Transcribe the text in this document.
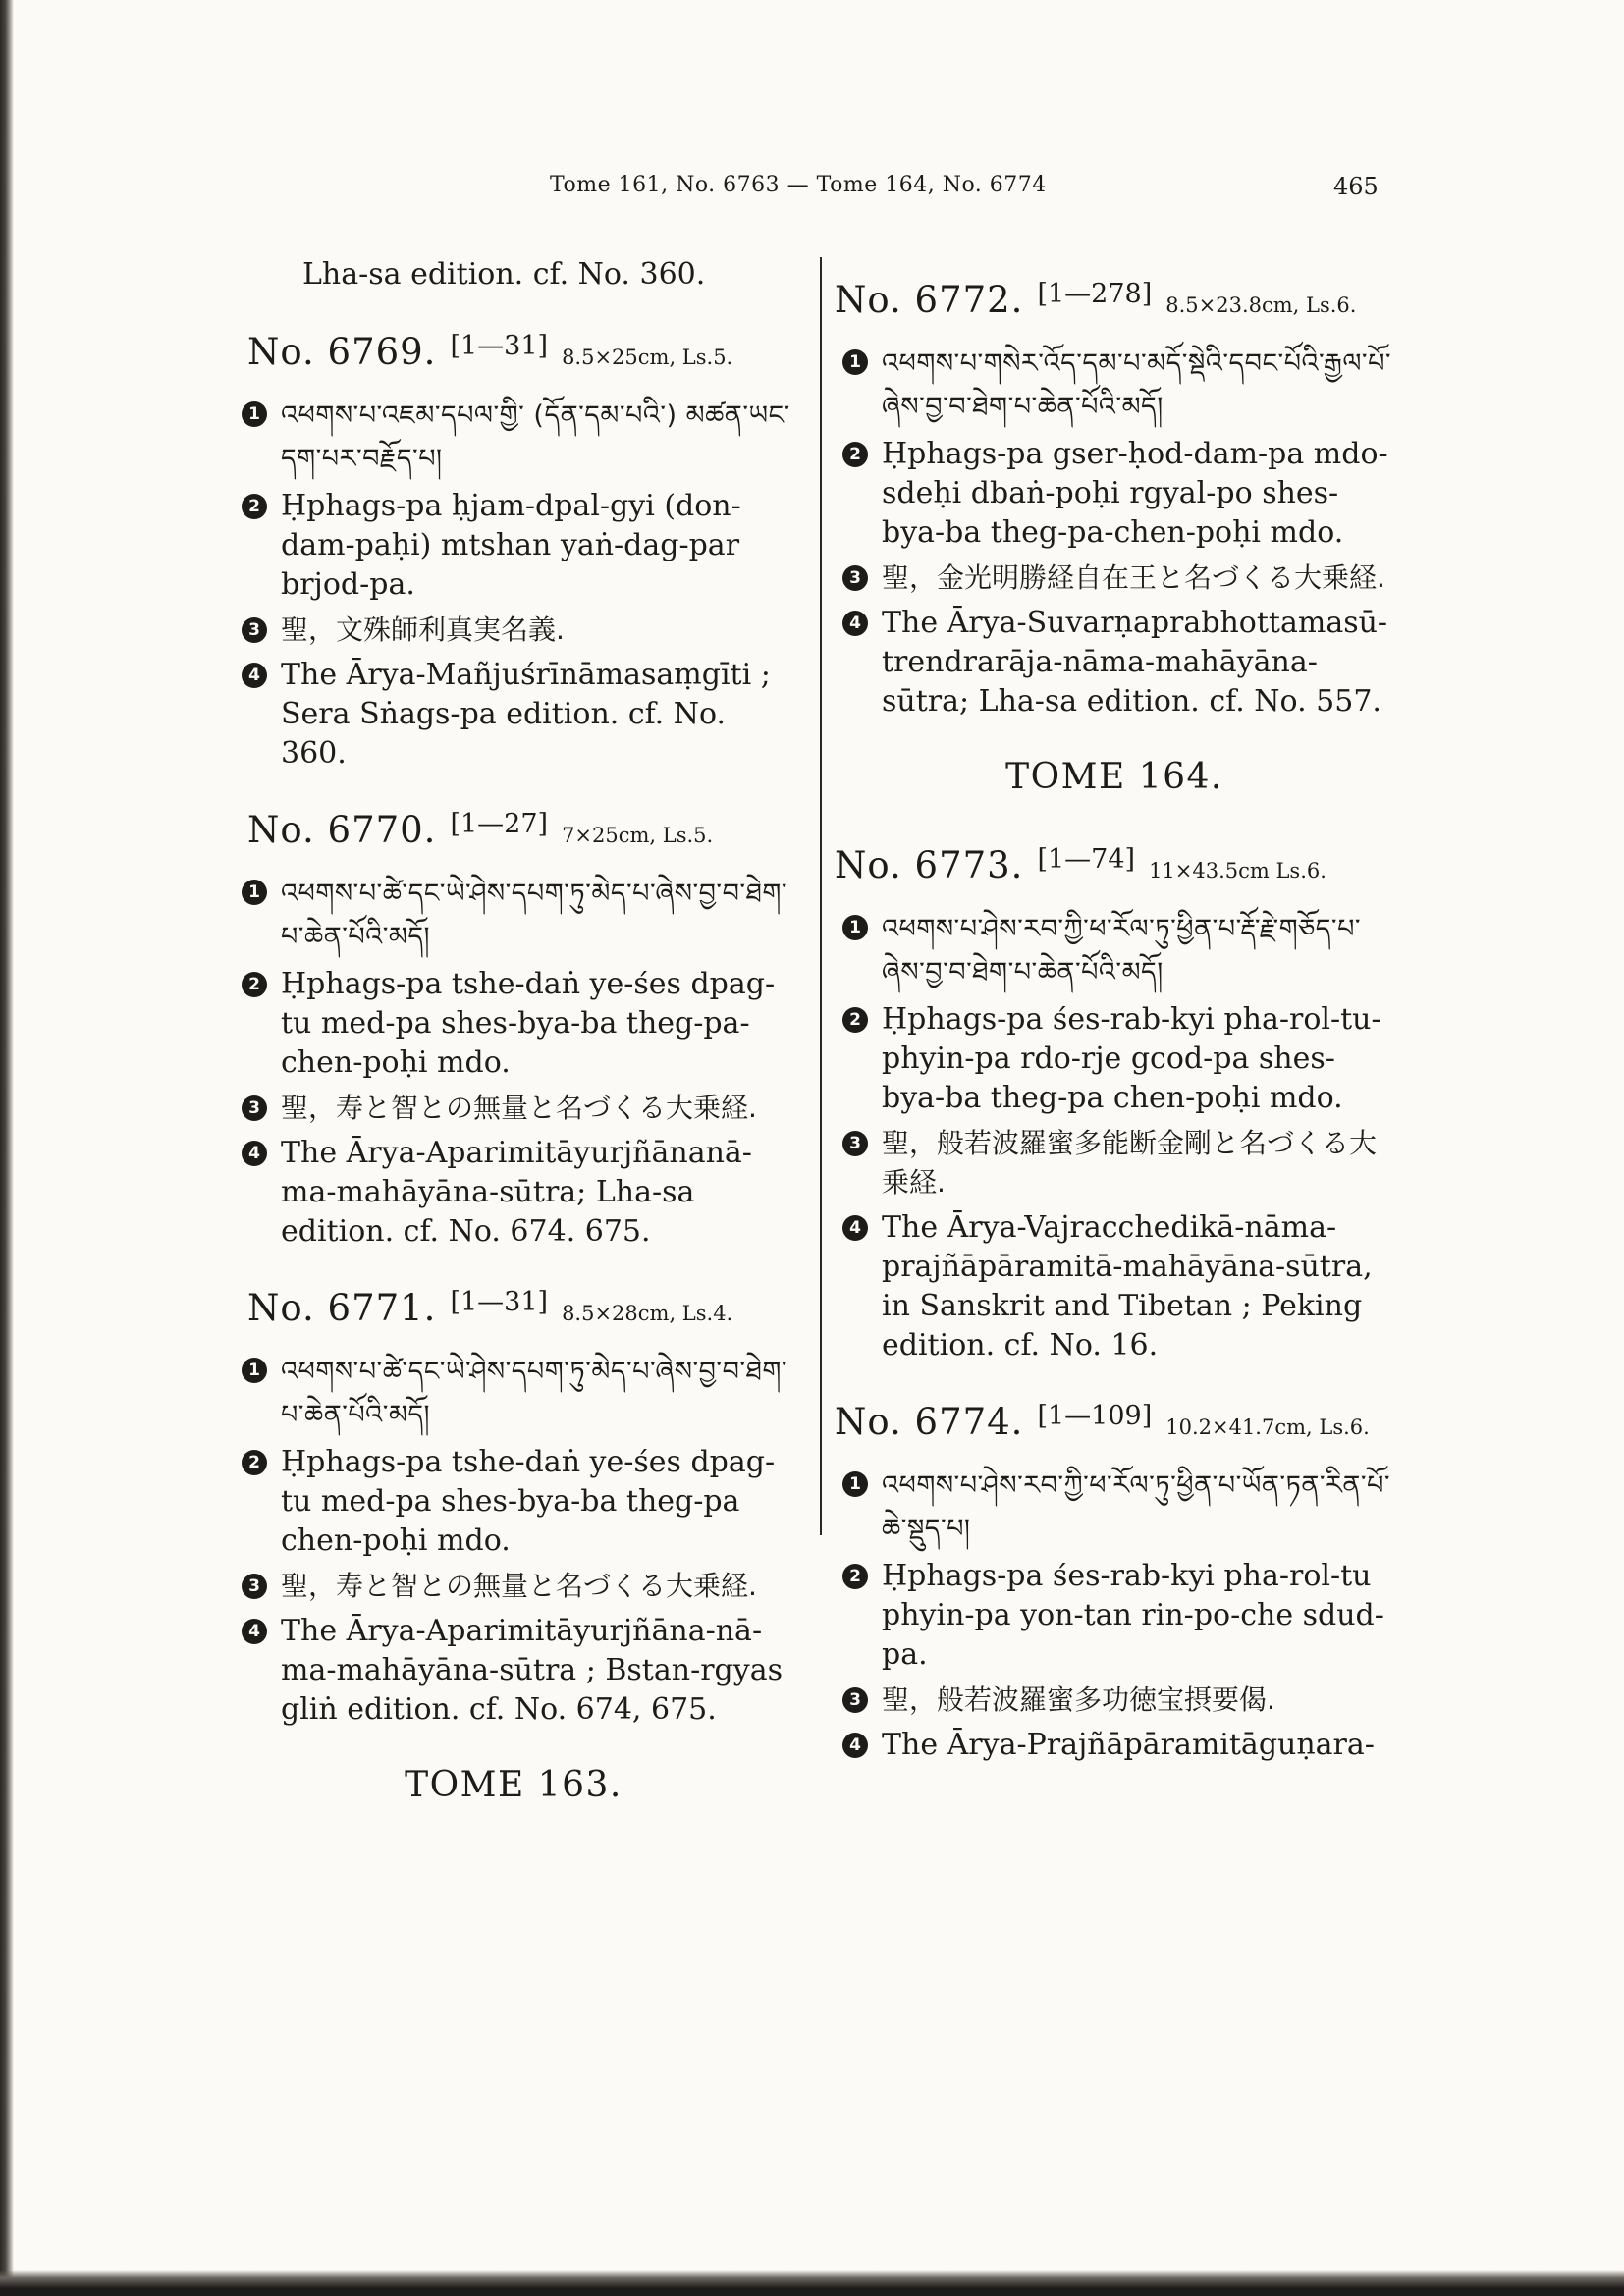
Tome 161, No. 6763 — Tome 164, No. 6774	465
Lha-sa edition. cf. No. 360.
No. 6769. [1—31] 8.5×25cm, Ls.5.
1 འཕགས་པ་འཇམ་དཔལ་གྱི་ (དོན་དམ་པའི་) མཚན་ཡང་དག་པར་བརྗོད་པ།
2 Ḥphags-pa ḥjam-dpal-gyi (don-dam-paḥi) mtshan yaṅ-dag-par brjod-pa.
3 聖，文殊師利真実名義.
4 The Ārya-Mañjuśrīnāmasaṃgīti ; Sera Sṅags-pa edition. cf. No. 360.
No. 6770. [1—27] 7×25cm, Ls.5.
1 འཕགས་པ་ཚེ་དང་ཡེ་ཤེས་དཔག་ཏུ་མེད་པ་ཞེས་བྱ་བ་ཐེག་པ་ཆེན་པོའི་མདོ།
2 Ḥphags-pa tshe-daṅ ye-śes dpag-tu med-pa shes-bya-ba theg-pa-chen-poḥi mdo.
3 聖，寿と智との無量と名づくる大乗経.
4 The Ārya-Aparimitāyurjñānanā-ma-mahāyāna-sūtra; Lha-sa edition. cf. No. 674. 675.
No. 6771. [1—31] 8.5×28cm, Ls.4.
1 འཕགས་པ་ཚེ་དང་ཡེ་ཤེས་དཔག་ཏུ་མེད་པ་ཞེས་བྱ་བ་ཐེག་པ་ཆེན་པོའི་མདོ།
2 Ḥphags-pa tshe-daṅ ye-śes dpag-tu med-pa shes-bya-ba theg-pa chen-poḥi mdo.
3 聖，寿と智との無量と名づくる大乗経.
4 The Ārya-Aparimitāyurjñāna-nā-ma-mahāyāna-sūtra ; Bstan-rgyas gliṅ edition. cf. No. 674, 675.
TOME 163.
No. 6772. [1—278] 8.5×23.8cm, Ls.6.
1 འཕགས་པ་གསེར་འོད་དམ་པ་མདོ་སྡེའི་དབང་པོའི་རྒྱལ་པོ་ཞེས་བྱ་བ་ཐེག་པ་ཆེན་པོའི་མདོ།
2 Ḥphags-pa gser-ḥod-dam-pa mdo-sdeḥi dbaṅ-poḥi rgyal-po shes-bya-ba theg-pa-chen-poḥi mdo.
3 聖，金光明勝経自在王と名づくる大乗経.
4 The Ārya-Suvarṇaprabhottamasū-trendrarāja-nāma-mahāyāna-sūtra; Lha-sa edition. cf. No. 557.
TOME 164.
No. 6773. [1—74] 11×43.5cm Ls.6.
1 འཕགས་པ་ཤེས་རབ་ཀྱི་ཕ་རོལ་ཏུ་ཕྱིན་པ་རྡོ་རྗེ་གཅོད་པ་ཞེས་བྱ་བ་ཐེག་པ་ཆེན་པོའི་མདོ།
2 Ḥphags-pa śes-rab-kyi pha-rol-tu-phyin-pa rdo-rje gcod-pa shes-bya-ba theg-pa chen-poḥi mdo.
3 聖，般若波羅蜜多能断金剛と名づくる大乗経.
4 The Ārya-Vajracchedikā-nāma-prajñāpāramitā-mahāyāna-sūtra, in Sanskrit and Tibetan ; Peking edition. cf. No. 16.
No. 6774. [1—109] 10.2×41.7cm, Ls.6.
1 འཕགས་པ་ཤེས་རབ་ཀྱི་ཕ་རོལ་ཏུ་ཕྱིན་པ་ཡོན་ཏན་རིན་པོ་ཆེ་སྡུད་པ།
2 Ḥphags-pa śes-rab-kyi pha-rol-tu phyin-pa yon-tan rin-po-che sdud-pa.
3 聖，般若波羅蜜多功徳宝摂要偈.
4 The Ārya-Prajñāpāramitāguṇara-
